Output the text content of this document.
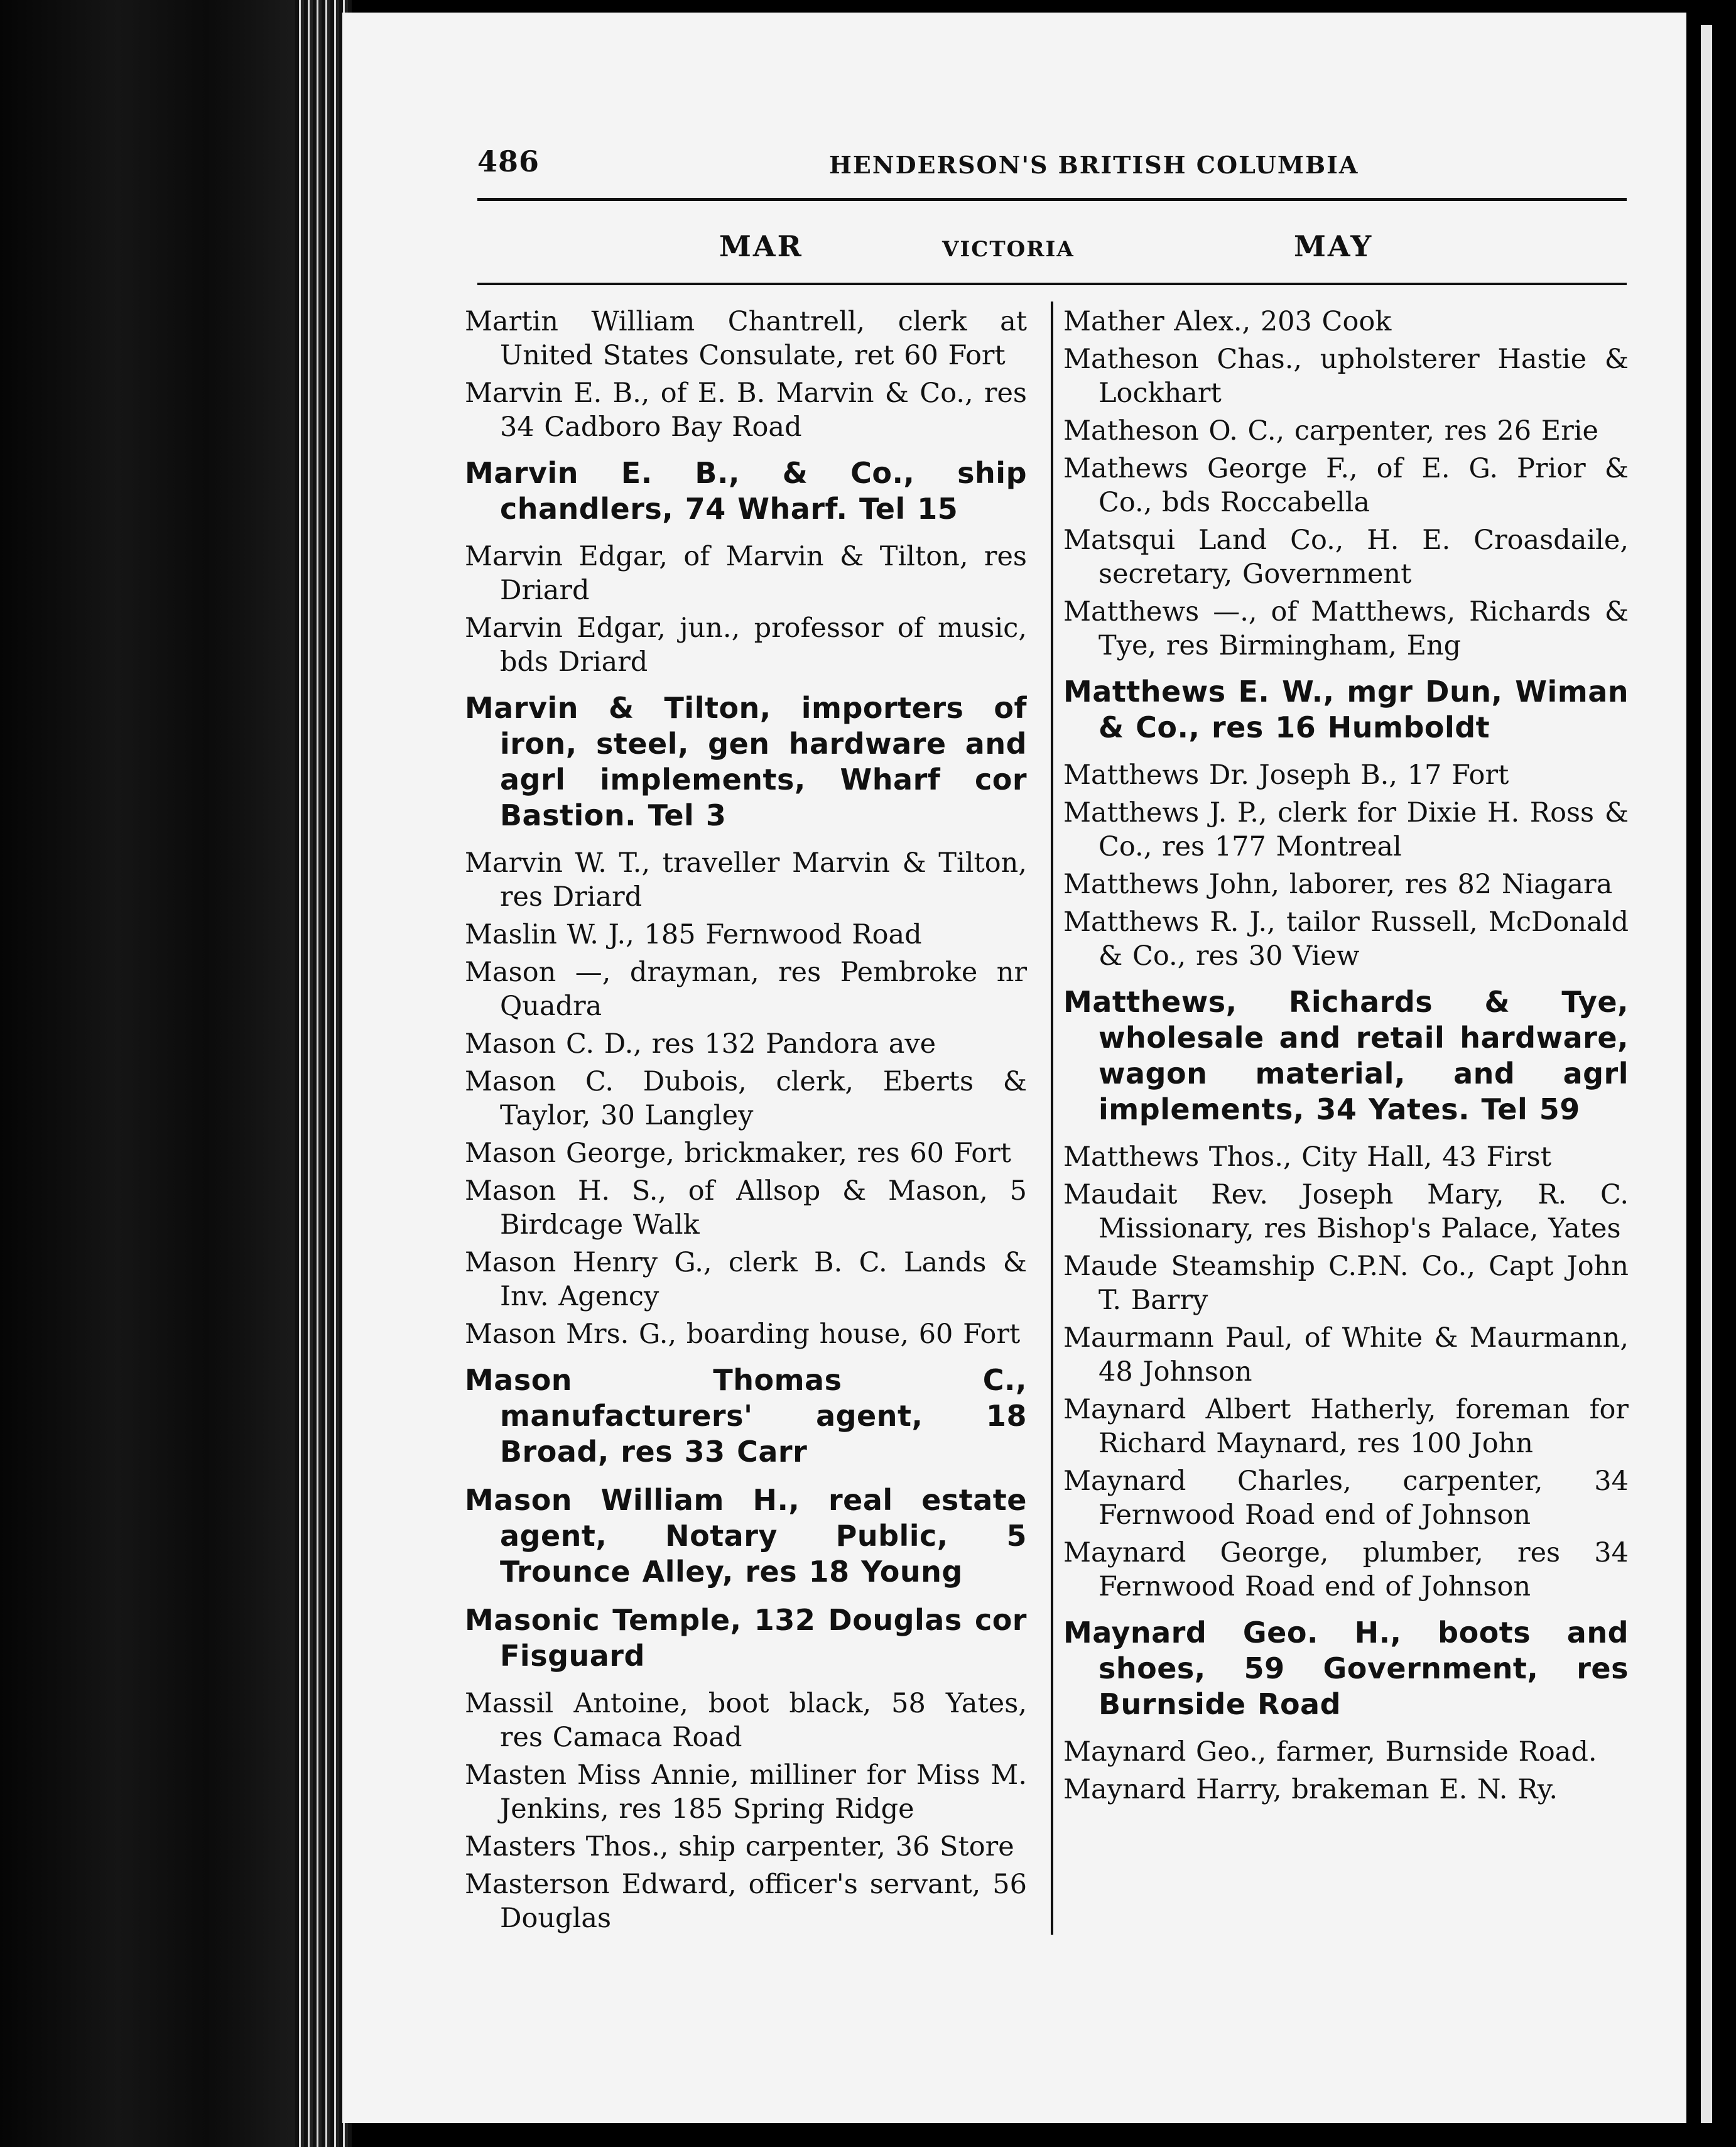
486	HENDERSON'S BRITISH COLUMBIA
MAR	VICTORIA	MAY

Martin William Chantrell, clerk at United States Consulate, ret 60 Fort

Marvin E. B., of E. B. Marvin & Co., res 34 Cadboro Bay Road

Marvin E. B., & Co., ship chandlers, 74 Wharf. Tel 15

Marvin Edgar, of Marvin & Tilton, res Driard

Marvin Edgar, jun., professor of music, bds Driard

Marvin & Tilton, importers of iron, steel, gen hardware and agrl implements, Wharf cor Bastion. Tel 3

Marvin W. T., traveller Marvin & Tilton, res Driard

Maslin W. J., 185 Fernwood Road

Mason —, drayman, res Pembroke nr Quadra

Mason C. D., res 132 Pandora ave

Mason C. Dubois, clerk, Eberts & Taylor, 30 Langley

Mason George, brickmaker, res 60 Fort

Mason H. S., of Allsop & Mason, 5 Birdcage Walk

Mason Henry G., clerk B. C. Lands & Inv. Agency

Mason Mrs. G., boarding house, 60 Fort

Mason Thomas C., manufacturers' agent, 18 Broad, res 33 Carr

Mason William H., real estate agent, Notary Public, 5 Trounce Alley, res 18 Young

Masonic Temple, 132 Douglas cor Fisguard

Massil Antoine, boot black, 58 Yates, res Camaca Road

Masten Miss Annie, milliner for Miss M. Jenkins, res 185 Spring Ridge

Masters Thos., ship carpenter, 36 Store

Masterson Edward, officer's servant, 56 Douglas

Mather Alex., 203 Cook

Matheson Chas., upholsterer Hastie & Lockhart

Matheson O. C., carpenter, res 26 Erie

Mathews George F., of E. G. Prior & Co., bds Roccabella

Matsqui Land Co., H. E. Croasdaile, secretary, Government

Matthews —., of Matthews, Richards & Tye, res Birmingham, Eng

Matthews E. W., mgr Dun, Wiman & Co., res 16 Humboldt

Matthews Dr. Joseph B., 17 Fort

Matthews J. P., clerk for Dixie H. Ross & Co., res 177 Montreal

Matthews John, laborer, res 82 Niagara

Matthews R. J., tailor Russell, McDonald & Co., res 30 View

Matthews, Richards & Tye, wholesale and retail hardware, wagon material, and agrl implements, 34 Yates. Tel 59

Matthews Thos., City Hall, 43 First

Maudait Rev. Joseph Mary, R. C. Missionary, res Bishop's Palace, Yates

Maude Steamship C.P.N. Co., Capt John T. Barry

Maurmann Paul, of White & Maurmann, 48 Johnson

Maynard Albert Hatherly, foreman for Richard Maynard, res 100 John

Maynard Charles, carpenter, 34 Fernwood Road end of Johnson

Maynard George, plumber, res 34 Fernwood Road end of Johnson

Maynard Geo. H., boots and shoes, 59 Government, res Burnside Road

Maynard Geo., farmer, Burnside Road.

Maynard Harry, brakeman E. N. Ry.
